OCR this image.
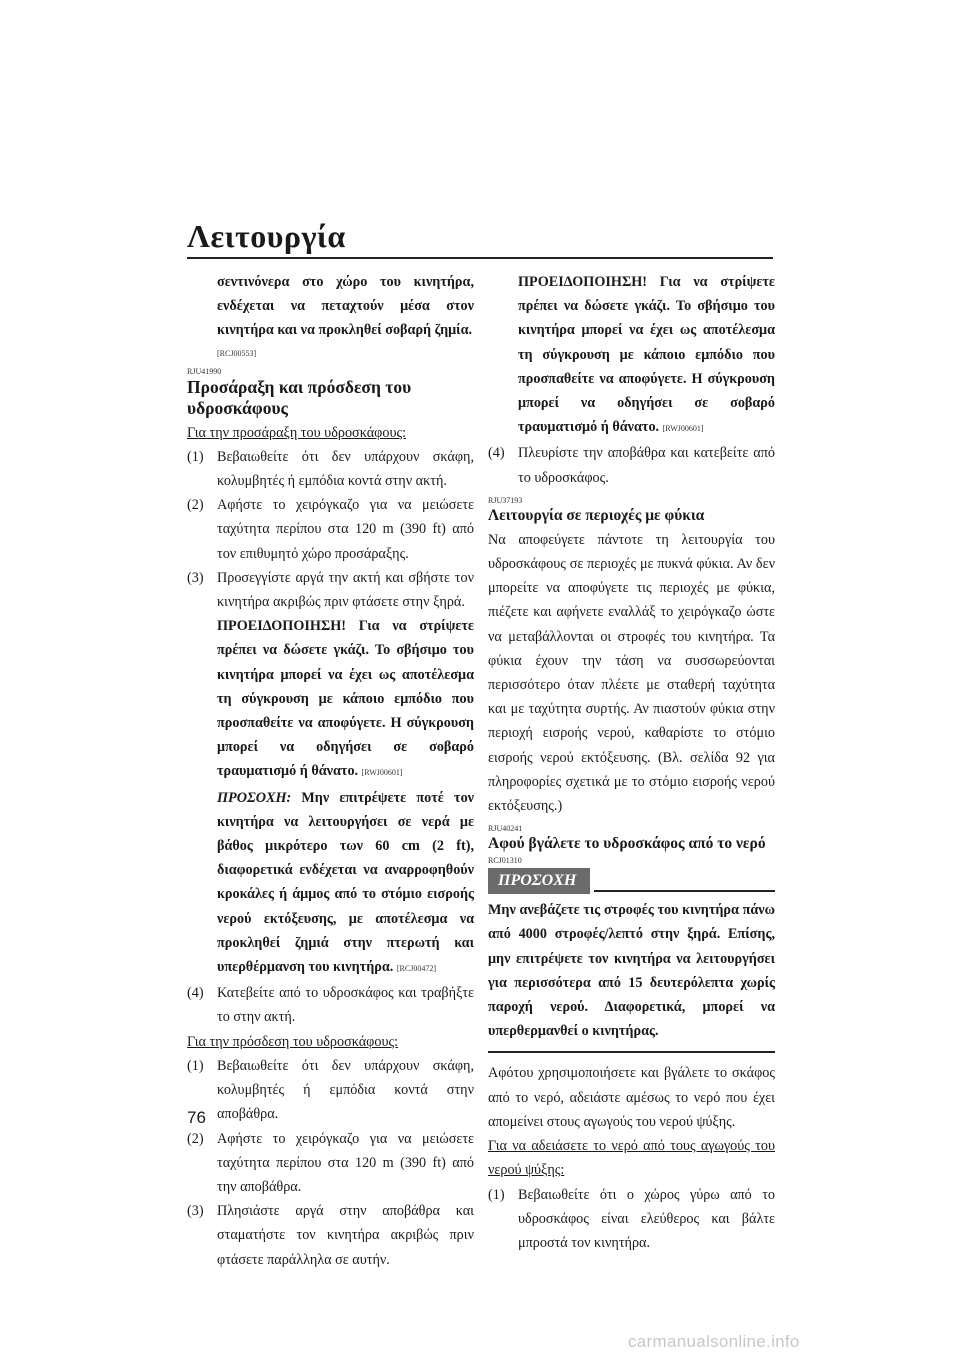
Λειτουργία

σεντινόνερα στο χώρο του κινητήρα, ενδέχεται να πεταχτούν μέσα στον κινητήρα και να προκληθεί σοβαρή ζημία.

[RCJ00553]
RJU41990
Προσάραξη και πρόσδεση του υδροσκάφους

Για την προσάραξη του υδροσκάφους:

(1) Βεβαιωθείτε ότι δεν υπάρχουν σκάφη, κολυμβητές ή εμπόδια κοντά στην ακτή.
(2) Αφήστε το χειρόγκαζο για να μειώσετε ταχύτητα περίπου στα 120 m (390 ft) από τον επιθυμητό χώρο προσάραξης.
(3) Προσεγγίστε αργά την ακτή και σβήστε τον κινητήρα ακριβώς πριν φτάσετε στην ξηρά.

ΠΡΟΕΙΔΟΠΟΙΗΣΗ! Για να στρίψετε πρέπει να δώσετε γκάζι. Το σβήσιμο του κινητήρα μπορεί να έχει ως αποτέλεσμα τη σύγκρουση με κάποιο εμπόδιο που προσπαθείτε να αποφύγετε. Η σύγκρουση μπορεί να οδηγήσει σε σοβαρό τραυματισμό ή θάνατο. [RWJ00601]

ΠΡΟΣΟΧΗ: Μην επιτρέψετε ποτέ τον κινητήρα να λειτουργήσει σε νερά με βάθος μικρότερο των 60 cm (2 ft), διαφορετικά ενδέχεται να αναρροφηθούν κροκάλες ή άμμος από το στόμιο εισροής νερού εκτόξευσης, με αποτέλεσμα να προκληθεί ζημιά στην πτερωτή και υπερθέρμανση του κινητήρα. [RCJ00472]

(4) Κατεβείτε από το υδροσκάφος και τραβήξτε το στην ακτή.

Για την πρόσδεση του υδροσκάφους:

(1) Βεβαιωθείτε ότι δεν υπάρχουν σκάφη, κολυμβητές ή εμπόδια κοντά στην αποβάθρα.
(2) Αφήστε το χειρόγκαζο για να μειώσετε ταχύτητα περίπου στα 120 m (390 ft) από την αποβάθρα.
(3) Πλησιάστε αργά στην αποβάθρα και σταματήστε τον κινητήρα ακριβώς πριν φτάσετε παράλληλα σε αυτήν.

ΠΡΟΕΙΔΟΠΟΙΗΣΗ! Για να στρίψετε πρέπει να δώσετε γκάζι. Το σβήσιμο του κινητήρα μπορεί να έχει ως αποτέλεσμα τη σύγκρουση με κάποιο εμπόδιο που προσπαθείτε να αποφύγετε. Η σύγκρουση μπορεί να οδηγήσει σε σοβαρό τραυματισμό ή θάνατο. [RWJ00601]

(4) Πλευρίστε την αποβάθρα και κατεβείτε από το υδροσκάφος.
RJU37193
Λειτουργία σε περιοχές με φύκια

Να αποφεύγετε πάντοτε τη λειτουργία του υδροσκάφους σε περιοχές με πυκνά φύκια. Αν δεν μπορείτε να αποφύγετε τις περιοχές με φύκια, πιέζετε και αφήνετε εναλλάξ το χειρόγκαζο ώστε να μεταβάλλονται οι στροφές του κινητήρα. Τα φύκια έχουν την τάση να συσσωρεύονται περισσότερο όταν πλέετε με σταθερή ταχύτητα και με ταχύτητα συρτής. Αν πιαστούν φύκια στην περιοχή εισροής νερού, καθαρίστε το στόμιο εισροής νερού εκτόξευσης. (Βλ. σελίδα 92 για πληροφορίες σχετικά με το στόμιο εισροής νερού εκτόξευσης.)

RJU40241
Αφού βγάλετε το υδροσκάφος από το νερό
RCJ01310
ΠΡΟΣΟΧΗ

Μην ανεβάζετε τις στροφές του κινητήρα πάνω από 4000 στροφές/λεπτό στην ξηρά. Επίσης, μην επιτρέψετε τον κινητήρα να λειτουργήσει για περισσότερα από 15 δευτερόλεπτα χωρίς παροχή νερού. Διαφορετικά, μπορεί να υπερθερμανθεί ο κινητήρας.

Αφότου χρησιμοποιήσετε και βγάλετε το σκάφος από το νερό, αδειάστε αμέσως το νερό που έχει απομείνει στους αγωγούς του νερού ψύξης.

Για να αδειάσετε το νερό από τους αγωγούς του νερού ψύξης:

(1) Βεβαιωθείτε ότι ο χώρος γύρω από το υδροσκάφος είναι ελεύθερος και βάλτε μπροστά τον κινητήρα.
76
carmanualsonline.info
